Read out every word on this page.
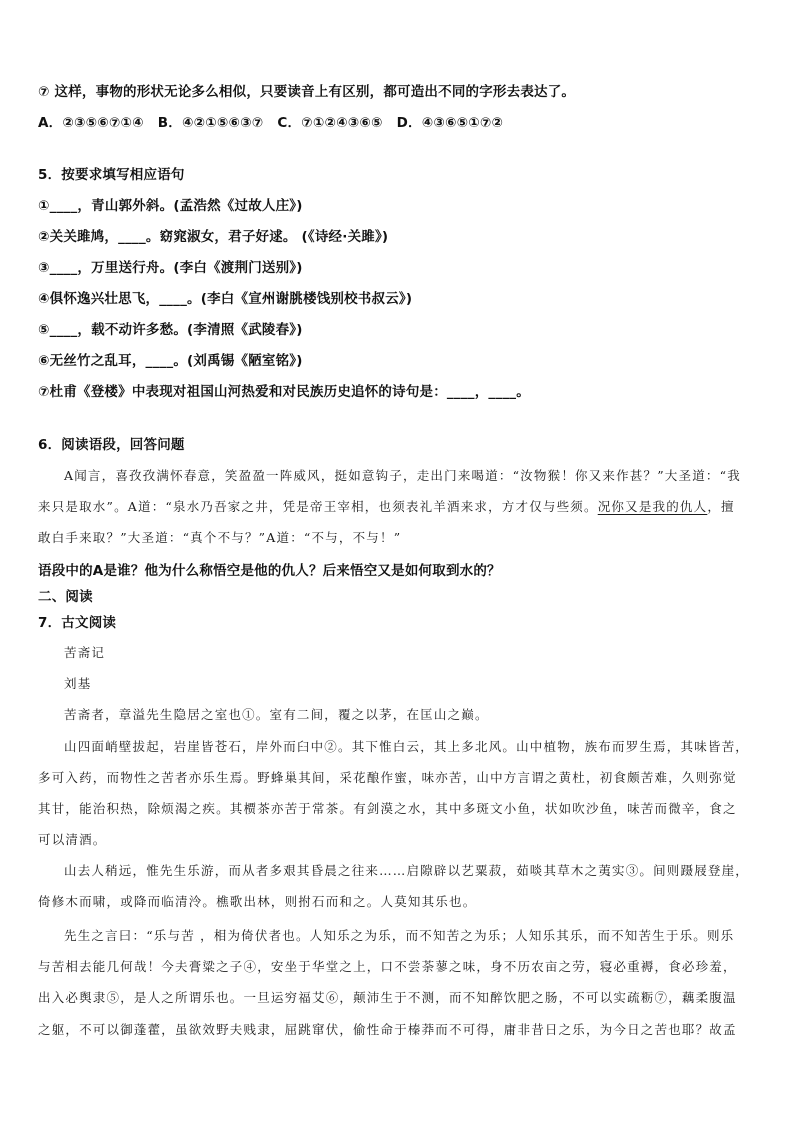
⑦ 这样，事物的形状无论多么相似，只要读音上有区别，都可造出不同的字形去表达了。
A．②③⑤⑥⑦①④ B．④②①⑤⑥③⑦ C．⑦①②④③⑥⑤ D．④③⑥⑤①⑦②
5．按要求填写相应语句
①____，青山郭外斜。(孟浩然《过故人庄》)
②关关雎鸠，____。窈窕淑女，君子好逑。 (《诗经·关雎》)
③____，万里送行舟。(李白《渡荆门送别》)
④俱怀逸兴壮思飞，____。(李白《宣州谢朓楼饯别校书叔云》)
⑤____，载不动许多愁。(李清照《武陵春》)
⑥无丝竹之乱耳，____。(刘禹锡《陋室铭》)
⑦杜甫《登楼》中表现对祖国山河热爱和对民族历史追怀的诗句是：____，____。
6．阅读语段，回答问题
A闻言，喜孜孜满怀春意，笑盈盈一阵威风，挺如意钩子，走出门来喝道：“汝物猴！你又来作甚？”大圣道：“我
来只是取水”。A道：“泉水乃吾家之井，凭是帝王宰相，也须表礼羊酒来求，方才仅与些须。况你又是我的仇人，擅
敢白手来取？”大圣道：“真个不与？”A道：“不与，不与！”
语段中的A是谁？他为什么称悟空是他的仇人？后来悟空又是如何取到水的？
二、阅读
7．古文阅读
苦斋记
刘基
苦斋者，章溢先生隐居之室也①。室有二间，覆之以茅，在匡山之巅。
山四面峭壁拔起，岩崖皆苍石，岸外而臼中②。其下惟白云，其上多北风。山中植物，族布而罗生焉，其味皆苦，
多可入药，而物性之苦者亦乐生焉。野蜂巢其间，采花酿作蜜，味亦苦，山中方言谓之黄杜，初食颇苦难，久则弥觉
其甘，能治积热，除烦渴之疾。其槚茶亦苦于常茶。有剑漠之水，其中多斑文小鱼，状如吹沙鱼，味苦而微辛，食之
可以清酒。
山去人稍远，惟先生乐游，而从者多艰其昏晨之往来……启隙辟以艺粟菽，茹啖其草木之荑实③。间则蹑屐登崖，
倚修木而啸，或降而临清泠。樵歌出林，则拊石而和之。人莫知其乐也。
先生之言曰：“乐与苦 ，相为倚伏者也。人知乐之为乐，而不知苦之为乐；人知乐其乐，而不知苦生于乐。则乐
与苦相去能几何哉！今夫膏粱之子④，安坐于华堂之上，口不尝荼蓼之味，身不历农亩之劳，寝必重褥，食必珍羞，
出入必舆隶⑤，是人之所谓乐也。一旦运穷福艾⑥，颠沛生于不测，而不知醉饮肥之肠，不可以实疏粝⑦，藕柔腹温
之躯，不可以御蓬藿，虽欲效野夫贱隶，屈跳窜伏，偷性命于榛莽而不可得，庸非昔日之乐，为今日之苦也耶？故孟
